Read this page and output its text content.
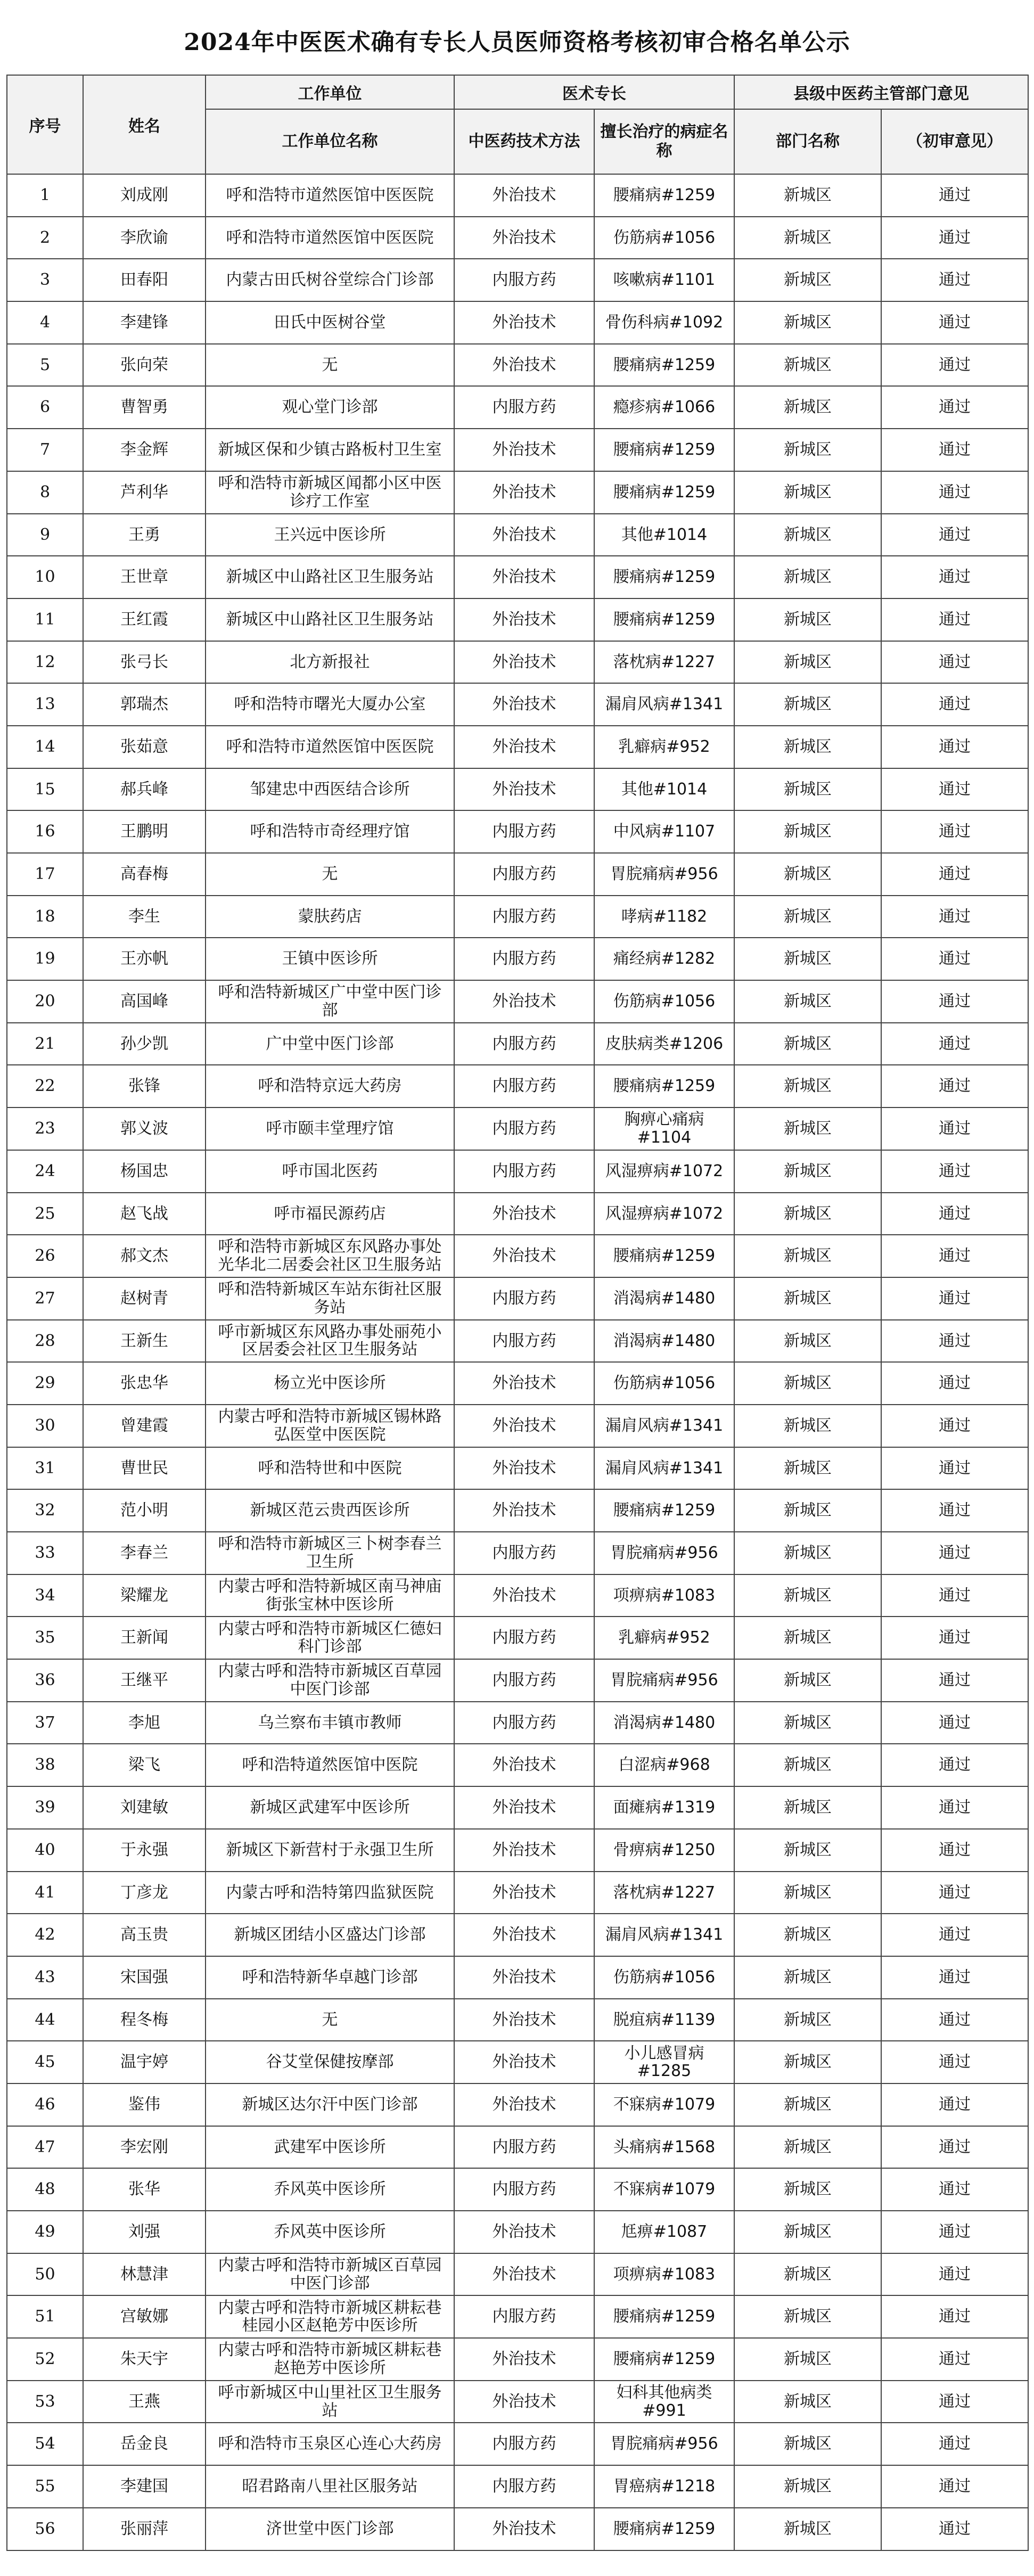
2024年中医医术确有专长人员医师资格考核初审合格名单公示
序号	姓名	工作单位	医术专长		县级中医药主管部门意见	
		工作单位名称	中医药技术方法	擅长治疗的病症名称	部门名称	（初审意见）
1	刘成刚	呼和浩特市道然医馆中医医院	外治技术	腰痛病#1259	新城区	通过
2	李欣谕	呼和浩特市道然医馆中医医院	外治技术	伤筋病#1056	新城区	通过
3	田春阳	内蒙古田氏树谷堂综合门诊部	内服方药	咳嗽病#1101	新城区	通过
4	李建锋	田氏中医树谷堂	外治技术	骨伤科病#1092	新城区	通过
5	张向荣	无	外治技术	腰痛病#1259	新城区	通过
6	曹智勇	观心堂门诊部	内服方药	瘾疹病#1066	新城区	通过
7	李金辉	新城区保和少镇古路板村卫生室	外治技术	腰痛病#1259	新城区	通过
8	芦利华	呼和浩特市新城区闻都小区中医诊疗工作室	外治技术	腰痛病#1259	新城区	通过
9	王勇	王兴远中医诊所	外治技术	其他#1014	新城区	通过
10	王世章	新城区中山路社区卫生服务站	外治技术	腰痛病#1259	新城区	通过
11	王红霞	新城区中山路社区卫生服务站	外治技术	腰痛病#1259	新城区	通过
12	张弓长	北方新报社	外治技术	落枕病#1227	新城区	通过
13	郭瑞杰	呼和浩特市曙光大厦办公室	外治技术	漏肩风病#1341	新城区	通过
14	张茹意	呼和浩特市道然医馆中医医院	外治技术	乳癖病#952	新城区	通过
15	郝兵峰	邹建忠中西医结合诊所	外治技术	其他#1014	新城区	通过
16	王鹏明	呼和浩特市奇经理疗馆	内服方药	中风病#1107	新城区	通过
17	高春梅	无	内服方药	胃脘痛病#956	新城区	通过
18	李生	蒙肤药店	内服方药	哮病#1182	新城区	通过
19	王亦帆	王镇中医诊所	内服方药	痛经病#1282	新城区	通过
20	高国峰	呼和浩特新城区广中堂中医门诊部	外治技术	伤筋病#1056	新城区	通过
21	孙少凯	广中堂中医门诊部	内服方药	皮肤病类#1206	新城区	通过
22	张锋	呼和浩特京远大药房	内服方药	腰痛病#1259	新城区	通过
23	郭义波	呼市颐丰堂理疗馆	内服方药	胸痹心痛病#1104	新城区	通过
24	杨国忠	呼市国北医药	内服方药	风湿痹病#1072	新城区	通过
25	赵飞战	呼市福民源药店	外治技术	风湿痹病#1072	新城区	通过
26	郝文杰	呼和浩特市新城区东风路办事处光华北二居委会社区卫生服务站	外治技术	腰痛病#1259	新城区	通过
27	赵树青	呼和浩特新城区车站东街社区服务站	内服方药	消渴病#1480	新城区	通过
28	王新生	呼市新城区东风路办事处丽苑小区居委会社区卫生服务站	内服方药	消渴病#1480	新城区	通过
29	张忠华	杨立光中医诊所	外治技术	伤筋病#1056	新城区	通过
30	曾建霞	内蒙古呼和浩特市新城区锡林路弘医堂中医医院	外治技术	漏肩风病#1341	新城区	通过
31	曹世民	呼和浩特世和中医院	外治技术	漏肩风病#1341	新城区	通过
32	范小明	新城区范云贵西医诊所	外治技术	腰痛病#1259	新城区	通过
33	李春兰	呼和浩特市新城区三卜树李春兰卫生所	内服方药	胃脘痛病#956	新城区	通过
34	梁耀龙	内蒙古呼和浩特新城区南马神庙街张宝林中医诊所	外治技术	项痹病#1083	新城区	通过
35	王新闻	内蒙古呼和浩特市新城区仁德妇科门诊部	内服方药	乳癖病#952	新城区	通过
36	王继平	内蒙古呼和浩特市新城区百草园中医门诊部	内服方药	胃脘痛病#956	新城区	通过
37	李旭	乌兰察布丰镇市教师	内服方药	消渴病#1480	新城区	通过
38	梁飞	呼和浩特道然医馆中医院	外治技术	白涩病#968	新城区	通过
39	刘建敏	新城区武建军中医诊所	外治技术	面瘫病#1319	新城区	通过
40	于永强	新城区下新营村于永强卫生所	外治技术	骨痹病#1250	新城区	通过
41	丁彦龙	内蒙古呼和浩特第四监狱医院	外治技术	落枕病#1227	新城区	通过
42	高玉贵	新城区团结小区盛达门诊部	外治技术	漏肩风病#1341	新城区	通过
43	宋国强	呼和浩特新华卓越门诊部	外治技术	伤筋病#1056	新城区	通过
44	程冬梅	无	外治技术	脱疽病#1139	新城区	通过
45	温宇婷	谷艾堂保健按摩部	外治技术	小儿感冒病#1285	新城区	通过
46	鉴伟	新城区达尔汗中医门诊部	外治技术	不寐病#1079	新城区	通过
47	李宏刚	武建军中医诊所	内服方药	头痛病#1568	新城区	通过
48	张华	乔风英中医诊所	内服方药	不寐病#1079	新城区	通过
49	刘强	乔风英中医诊所	外治技术	尪痹#1087	新城区	通过
50	林慧津	内蒙古呼和浩特市新城区百草园中医门诊部	外治技术	项痹病#1083	新城区	通过
51	宫敏娜	内蒙古呼和浩特市新城区耕耘巷桂园小区赵艳芳中医诊所	内服方药	腰痛病#1259	新城区	通过
52	朱天宇	内蒙古呼和浩特市新城区耕耘巷赵艳芳中医诊所	外治技术	腰痛病#1259	新城区	通过
53	王燕	呼市新城区中山里社区卫生服务站	外治技术	妇科其他病类#991	新城区	通过
54	岳金良	呼和浩特市玉泉区心连心大药房	内服方药	胃脘痛病#956	新城区	通过
55	李建国	昭君路南八里社区服务站	内服方药	胃癌病#1218	新城区	通过
56	张丽萍	济世堂中医门诊部	外治技术	腰痛病#1259	新城区	通过
